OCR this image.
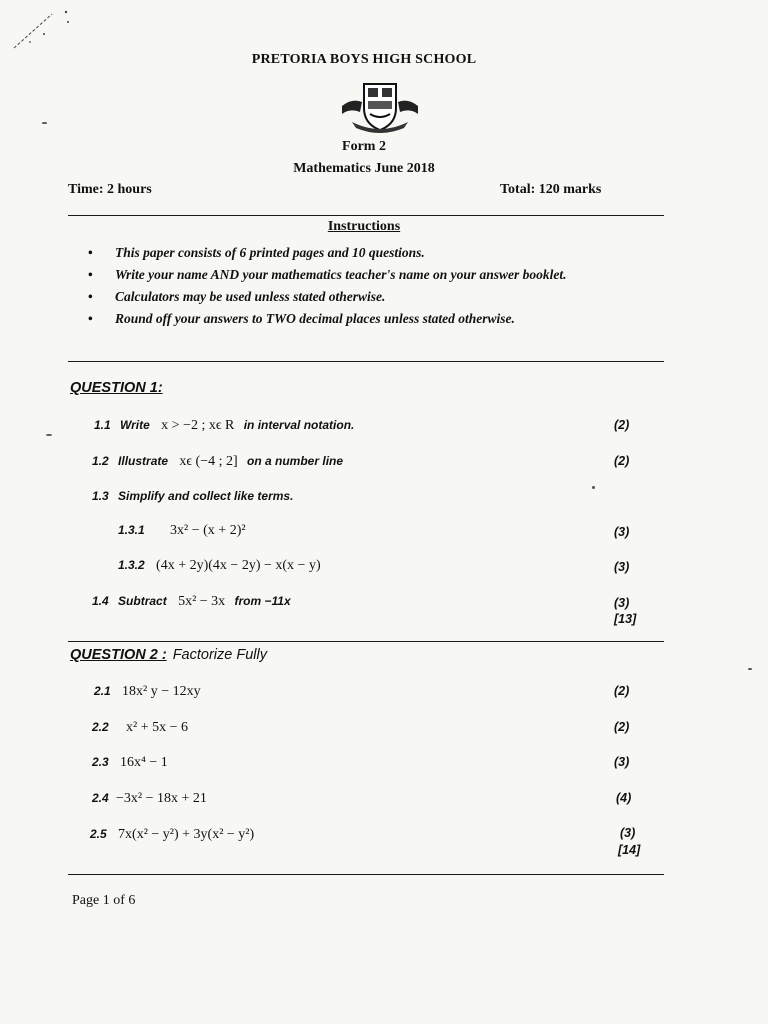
PRETORIA BOYS HIGH SCHOOL
Form 2
Mathematics June 2018
Time: 2 hours	Total: 120 marks
Instructions
• This paper consists of 6 printed pages and 10 questions.
• Write your name AND your mathematics teacher's name on your answer booklet.
• Calculators may be used unless stated otherwise.
• Round off your answers to TWO decimal places unless stated otherwise.
QUESTION 1:
1.1 Write x > −2 ; xϵ R in interval notation.	(2)
1.2 Illustrate xϵ (−4 ; 2] on a number line	(2)
1.3 Simplify and collect like terms.
1.3.1 3x² − (x + 2)²	(3)
1.3.2 (4x + 2y)(4x − 2y) − x(x − y)	(3)
1.4 Subtract 5x² − 3x from −11x	(3)
[13]
QUESTION 2 : Factorize Fully
2.1 18x² y − 12xy	(2)
2.2 x² + 5x − 6	(2)
2.3 16x⁴ − 1	(3)
2.4 −3x² − 18x + 21	(4)
2.5 7x(x² − y²) + 3y(x² − y²)	(3)
[14]
Page 1 of 6
